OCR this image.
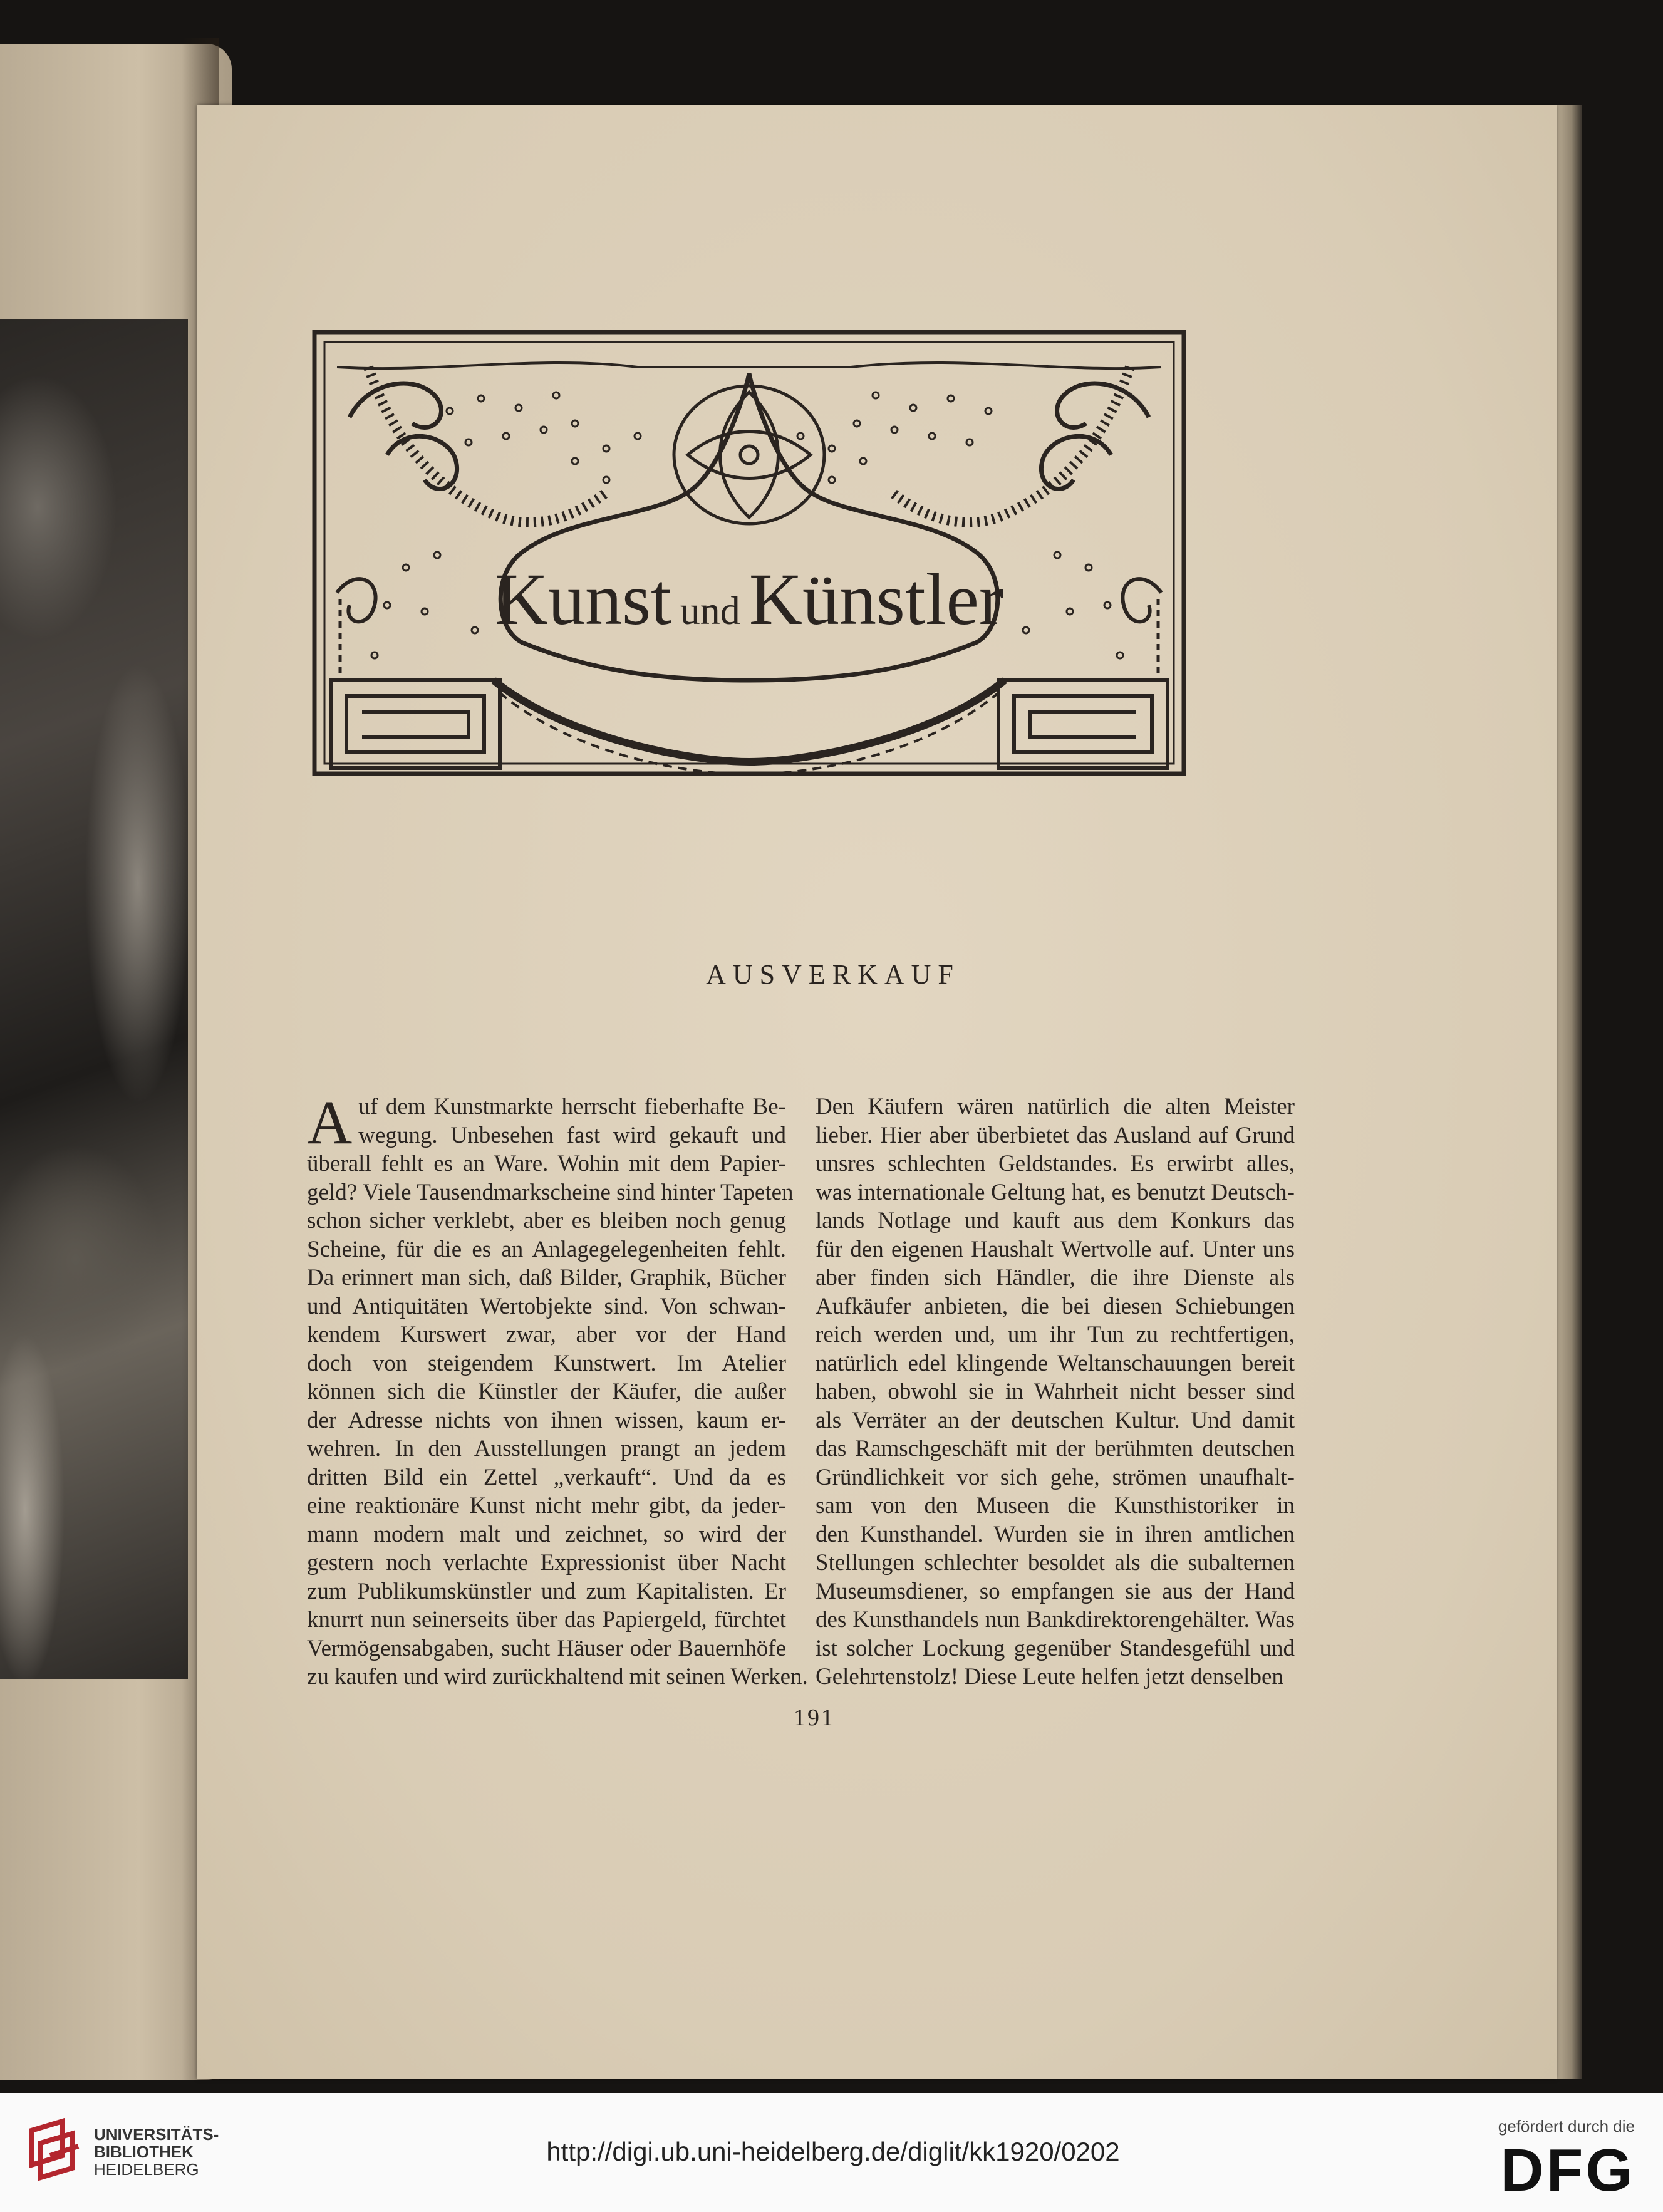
Kunst und Künstler
AUSVERKAUF
A uf dem Kunstmarkte herrscht fieberhafte Be-
wegung. Unbesehen fast wird gekauft und
überall fehlt es an Ware. Wohin mit dem Papier-
geld? Viele Tausendmarkscheine sind hinter Tapeten
schon sicher verklebt, aber es bleiben noch genug
Scheine, für die es an Anlagegelegenheiten fehlt.
Da erinnert man sich, daß Bilder, Graphik, Bücher
und Antiquitäten Wertobjekte sind. Von schwan-
kendem Kurswert zwar, aber vor der Hand
doch von steigendem Kunstwert. Im Atelier
können sich die Künstler der Käufer, die außer
der Adresse nichts von ihnen wissen, kaum er-
wehren. In den Ausstellungen prangt an jedem
dritten Bild ein Zettel „verkauft“. Und da es
eine reaktionäre Kunst nicht mehr gibt, da jeder-
mann modern malt und zeichnet, so wird der
gestern noch verlachte Expressionist über Nacht
zum Publikumskünstler und zum Kapitalisten. Er
knurrt nun seinerseits über das Papiergeld, fürchtet
Vermögensabgaben, sucht Häuser oder Bauernhöfe
zu kaufen und wird zurückhaltend mit seinen Werken.
Den Käufern wären natürlich die alten Meister
lieber. Hier aber überbietet das Ausland auf Grund
unsres schlechten Geldstandes. Es erwirbt alles,
was internationale Geltung hat, es benutzt Deutsch-
lands Notlage und kauft aus dem Konkurs das
für den eigenen Haushalt Wertvolle auf. Unter uns
aber finden sich Händler, die ihre Dienste als
Aufkäufer anbieten, die bei diesen Schiebungen
reich werden und, um ihr Tun zu rechtfertigen,
natürlich edel klingende Weltanschauungen bereit
haben, obwohl sie in Wahrheit nicht besser sind
als Verräter an der deutschen Kultur. Und damit
das Ramschgeschäft mit der berühmten deutschen
Gründlichkeit vor sich gehe, strömen unaufhalt-
sam von den Museen die Kunsthistoriker in
den Kunsthandel. Wurden sie in ihren amtlichen
Stellungen schlechter besoldet als die subalternen
Museumsdiener, so empfangen sie aus der Hand
des Kunsthandels nun Bankdirektorengehälter. Was
ist solcher Lockung gegenüber Standesgefühl und
Gelehrtenstolz! Diese Leute helfen jetzt denselben
191
UNIVERSITÄTS-
BIBLIOTHEK
HEIDELBERG
http://digi.ub.uni-heidelberg.de/diglit/kk1920/0202
gefördert durch die
DFG
